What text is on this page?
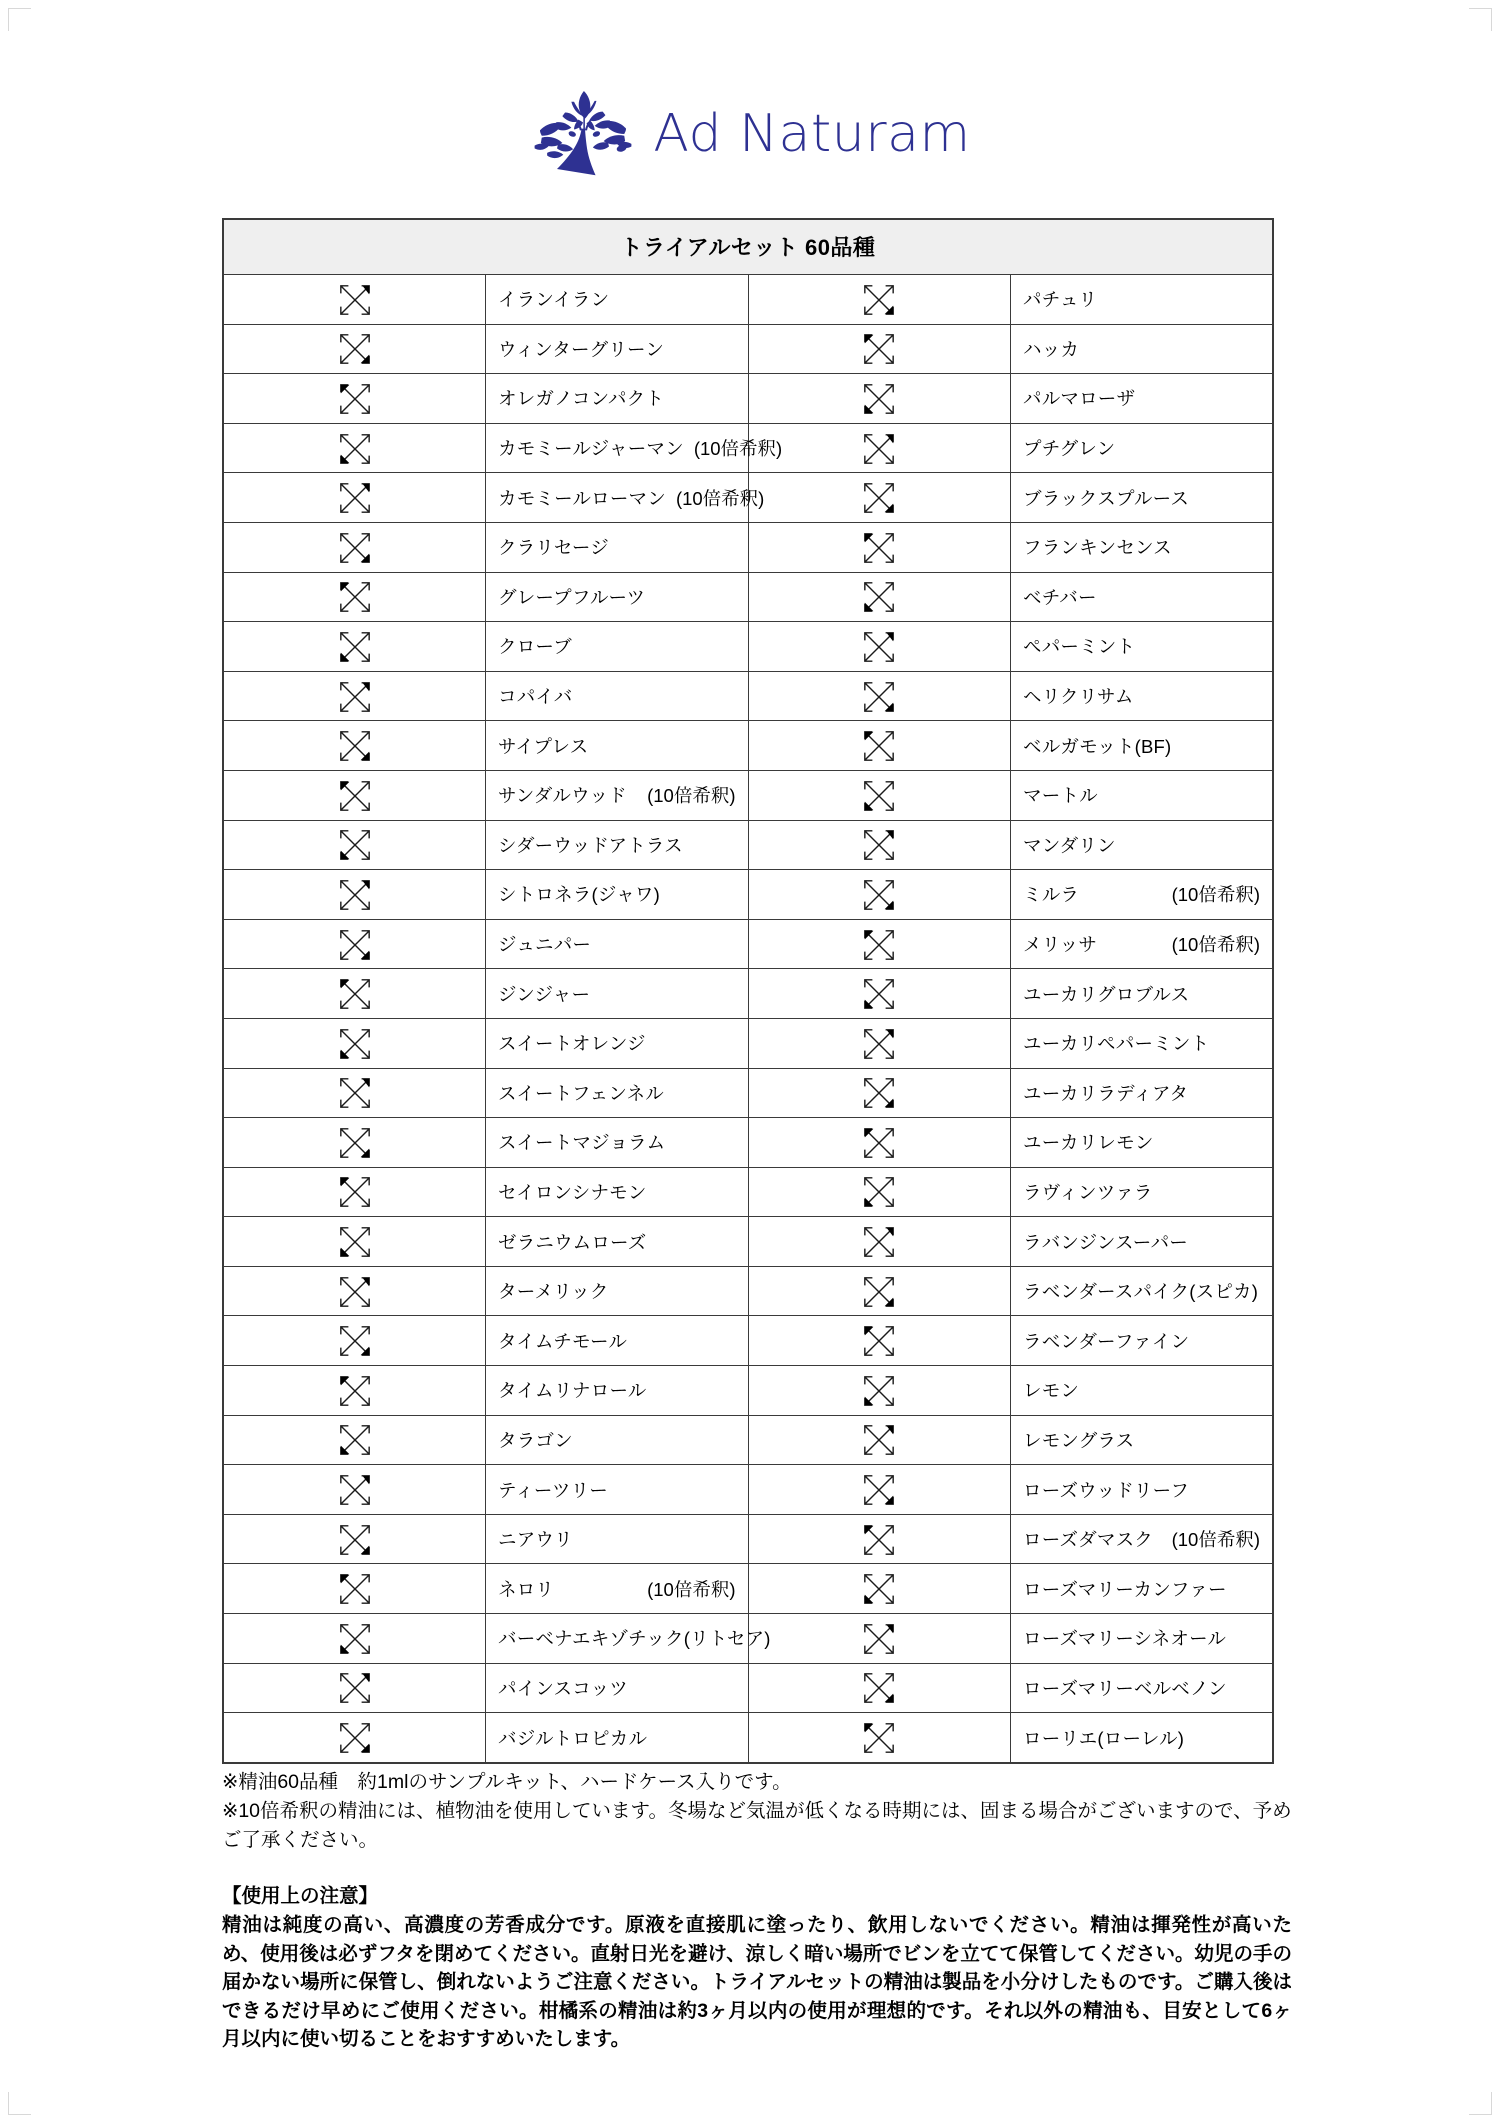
Ad Naturam
トライアルセット 60品種			

イランイラン		パチュリ

ウィンターグリーン		ハッカ

オレガノコンパクト		パルマローザ

カモミールジャーマン (10倍希釈)		プチグレン

カモミールローマン (10倍希釈)		ブラックスプルース

クラリセージ		フランキンセンス

グレープフルーツ		ベチバー

クローブ		ペパーミント

コパイバ		ヘリクリサム

サイプレス		ベルガモット(BF)

サンダルウッド (10倍希釈)		マートル

シダーウッドアトラス		マンダリン

シトロネラ(ジャワ)		ミルラ (10倍希釈)

ジュニパー		メリッサ (10倍希釈)

ジンジャー		ユーカリグロブルス

スイートオレンジ		ユーカリペパーミント

スイートフェンネル		ユーカリラディアタ

スイートマジョラム		ユーカリレモン

セイロンシナモン		ラヴィンツァラ

ゼラニウムローズ		ラバンジンスーパー

ターメリック		ラベンダースパイク(スピカ)

タイムチモール		ラベンダーファイン

タイムリナロール		レモン

タラゴン		レモングラス

ティーツリー		ローズウッドリーフ

ニアウリ		ローズダマスク (10倍希釈)

ネロリ (10倍希釈)		ローズマリーカンファー

バーベナエキゾチック(リトセア)		ローズマリーシネオール

パインスコッツ		ローズマリーベルベノン

バジルトロピカル		ローリエ(ローレル)

※精油60品種　約1mlのサンプルキット、ハードケース入りです。

※10倍希釈の精油には、植物油を使用しています。冬場など気温が低くなる時期には、固まる場合がございますので、予めご了承ください。

【使用上の注意】

精油は純度の高い、高濃度の芳香成分です。原液を直接肌に塗ったり、飲用しないでください。精油は揮発性が高いため、使用後は必ずフタを閉めてください。直射日光を避け、涼しく暗い場所でビンを立てて保管してください。幼児の手の届かない場所に保管し、倒れないようご注意ください。トライアルセットの精油は製品を小分けしたものです。ご購入後はできるだけ早めにご使用ください。柑橘系の精油は約3ヶ月以内の使用が理想的です。それ以外の精油も、目安として6ヶ月以内に使い切ることをおすすめいたします。
